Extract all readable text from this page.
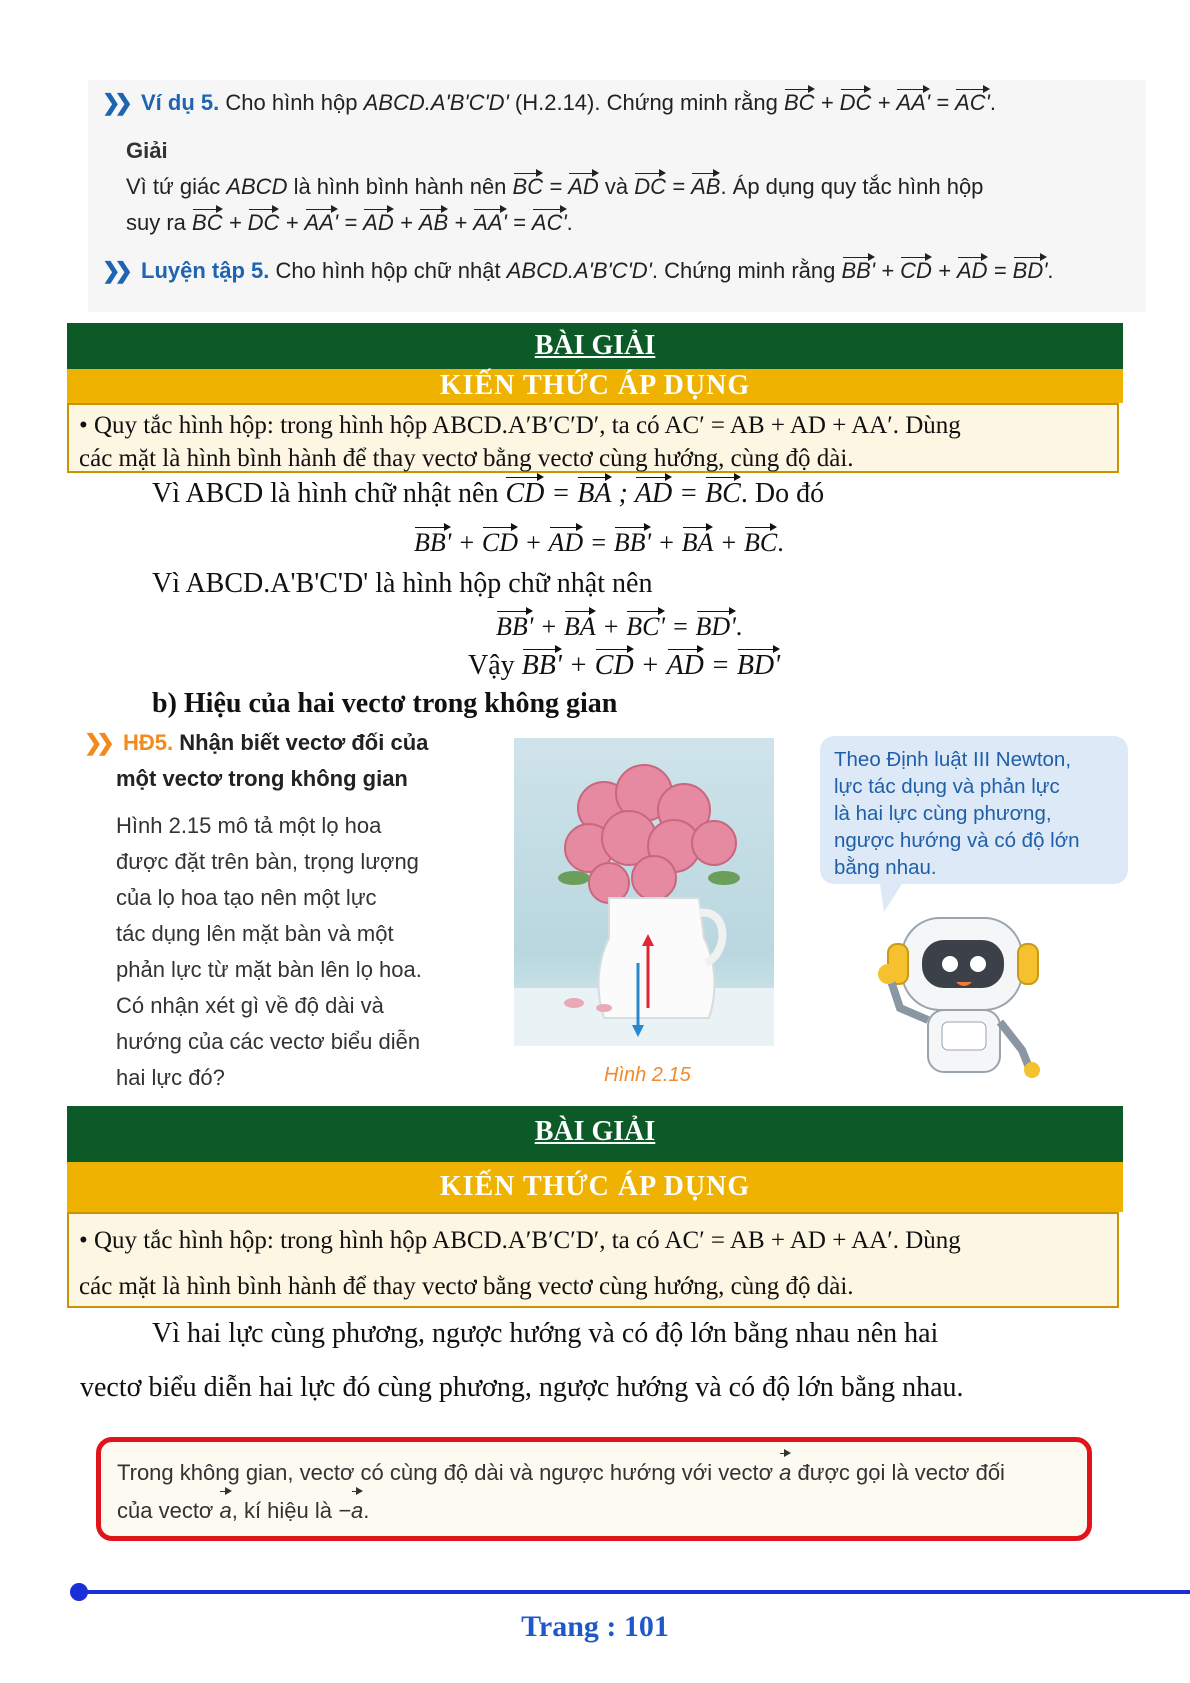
❯❯ Ví dụ 5. Cho hình hộp ABCD.A'B'C'D' (H.2.14). Chứng minh rằng BC + DC + AA' = AC'.
Giải
Vì tứ giác ABCD là hình bình hành nên BC = AD và DC = AB. Áp dụng quy tắc hình hộp
suy ra BC + DC + AA' = AD + AB + AA' = AC'.
❯❯ Luyện tập 5. Cho hình hộp chữ nhật ABCD.A'B'C'D'. Chứng minh rằng BB' + CD + AD = BD'.
BÀI GIẢI
KIẾN THỨC ÁP DỤNG
• Quy tắc hình hộp: trong hình hộp ABCD.A′B′C′D′, ta có AC′ = AB + AD + AA′. Dùng
các mặt là hình bình hành để thay vectơ bằng vectơ cùng hướng, cùng độ dài.
Vì ABCD là hình chữ nhật nên CD = BA ; AD = BC. Do đó
BB' + CD + AD = BB' + BA + BC.
Vì ABCD.A'B'C'D' là hình hộp chữ nhật nên
BB' + BA + BC' = BD'.
Vậy BB' + CD + AD = BD'
b) Hiệu của hai vectơ trong không gian
❯❯ HĐ5. Nhận biết vectơ đối của
một vectơ trong không gian
Hình 2.15 mô tả một lọ hoa
được đặt trên bàn, trọng lượng
của lọ hoa tạo nên một lực
tác dụng lên mặt bàn và một
phản lực từ mặt bàn lên lọ hoa.
Có nhận xét gì về độ dài và
hướng của các vectơ biểu diễn
hai lực đó?	Hình 2.15
Theo Định luật III Newton,
lực tác dụng và phản lực
là hai lực cùng phương,
ngược hướng và có độ lớn
bằng nhau.
BÀI GIẢI
KIẾN THỨC ÁP DỤNG
• Quy tắc hình hộp: trong hình hộp ABCD.A′B′C′D′, ta có AC′ = AB + AD + AA′. Dùng
các mặt là hình bình hành để thay vectơ bằng vectơ cùng hướng, cùng độ dài.
Vì hai lực cùng phương, ngược hướng và có độ lớn bằng nhau nên hai
vectơ biểu diễn hai lực đó cùng phương, ngược hướng và có độ lớn bằng nhau.
Trong không gian, vectơ có cùng độ dài và ngược hướng với vectơ a được gọi là vectơ đối
của vectơ a, kí hiệu là −a.
Trang : 101
